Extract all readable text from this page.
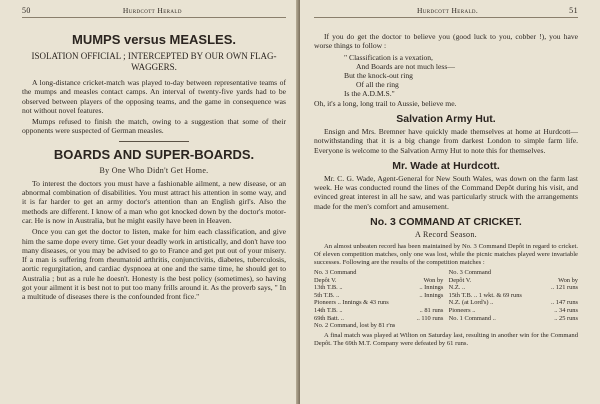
50	Hurdcott Herald
MUMPS versus MEASLES.
ISOLATION OFFICIAL ; INTERCEPTED BY OUR OWN FLAG-WAGGERS.

A long-distance cricket-match was played to-day between representative teams of the mumps and measles contact camps. An interval of twenty-five yards had to be observed between players of the opposing teams, and the game in consequence was not without novel features.

Mumps refused to finish the match, owing to a suggestion that some of their opponents were suspected of German measles.

BOARDS AND SUPER-BOARDS.
By One Who Didn't Get Home.

To interest the doctors you must have a fashionable ailment, a new disease, or an abnormal combination of disabilities. You must attract his attention in some way, and it is far harder to get an army doctor's attention than an English girl's. Also the methods are different. I know of a man who got knocked down by the doctor's motor-car. He is now in Australia, but he might easily have been in Heaven.

Once you can get the doctor to listen, make for him each classification, and give him the same dope every time. Get your deadly work in artistically, and don't have too many diseases, or you may be advised to go to France and get put out of your misery. If a man is suffering from rheumatoid arthritis, conjunctivitis, diabetes, tuberculosis, aortic regurgitation, and cardiac dyspnoea at one and the same time, he should get to Australia ; but as a rule he doesn't. Honesty is the best policy (sometimes), so having got your ailment it is best not to put too many frills around it. As the proverb says, " In a multitude of diseases there is the confounded front fice."

Hurdcott Herald.	51

If you do get the doctor to believe you (good luck to you, cobber !), you have worse things to follow :

" Classification is a vexation,
And Boards are not much less—
But the knock-out ring
Of all the ring
Is the A.D.M.S."

Oh, it's a long, long trail to Aussie, believe me.

Salvation Army Hut.

Ensign and Mrs. Bremner have quickly made themselves at home at Hurdcott—notwithstanding that it is a big change from darkest London to simple farm life. Everyone is welcome to the Salvation Army Hut to note this for themselves.

Mr. Wade at Hurdcott.

Mr. C. G. Wade, Agent-General for New South Wales, was down on the farm last week. He was conducted round the lines of the Command Depôt during his visit, and evinced great interest in all he saw, and was particularly struck with the arrangements made for the men's comfort and amusement.

No. 3 COMMAND AT CRICKET.
A Record Season.

An almost unbeaten record has been maintained by No. 3 Command Depôt in regard to cricket. Of eleven competition matches, only one was lost, while the picnic matches played were invariable successes. Following are the results of the competition matches :

No. 3 Command
Depôt V.	Won by
13th T.B. ..	.. Innings
5th T.B. ..	.. Innings
Pioneers .. Innings & 43 runs
14th T.B. ..	.. 81 runs
69th Batt. ..	.. 110 runs
No. 2 Command, lost by 81 r'ns
No. 3 Command
Depôt V.	Won by
N.Z. ..	.. 121 runs
15th T.B. .. 1 wkt. & 69 runs
N.Z. (at Lord's) ..	.. 147 runs
Pioneers ..	.. 34 runs
No. 1 Command ..	.. 25 runs

A final match was played at Wilton on Saturday last, resulting in another win for the Command Depôt. The 69th M.T. Company were defeated by 61 runs.
